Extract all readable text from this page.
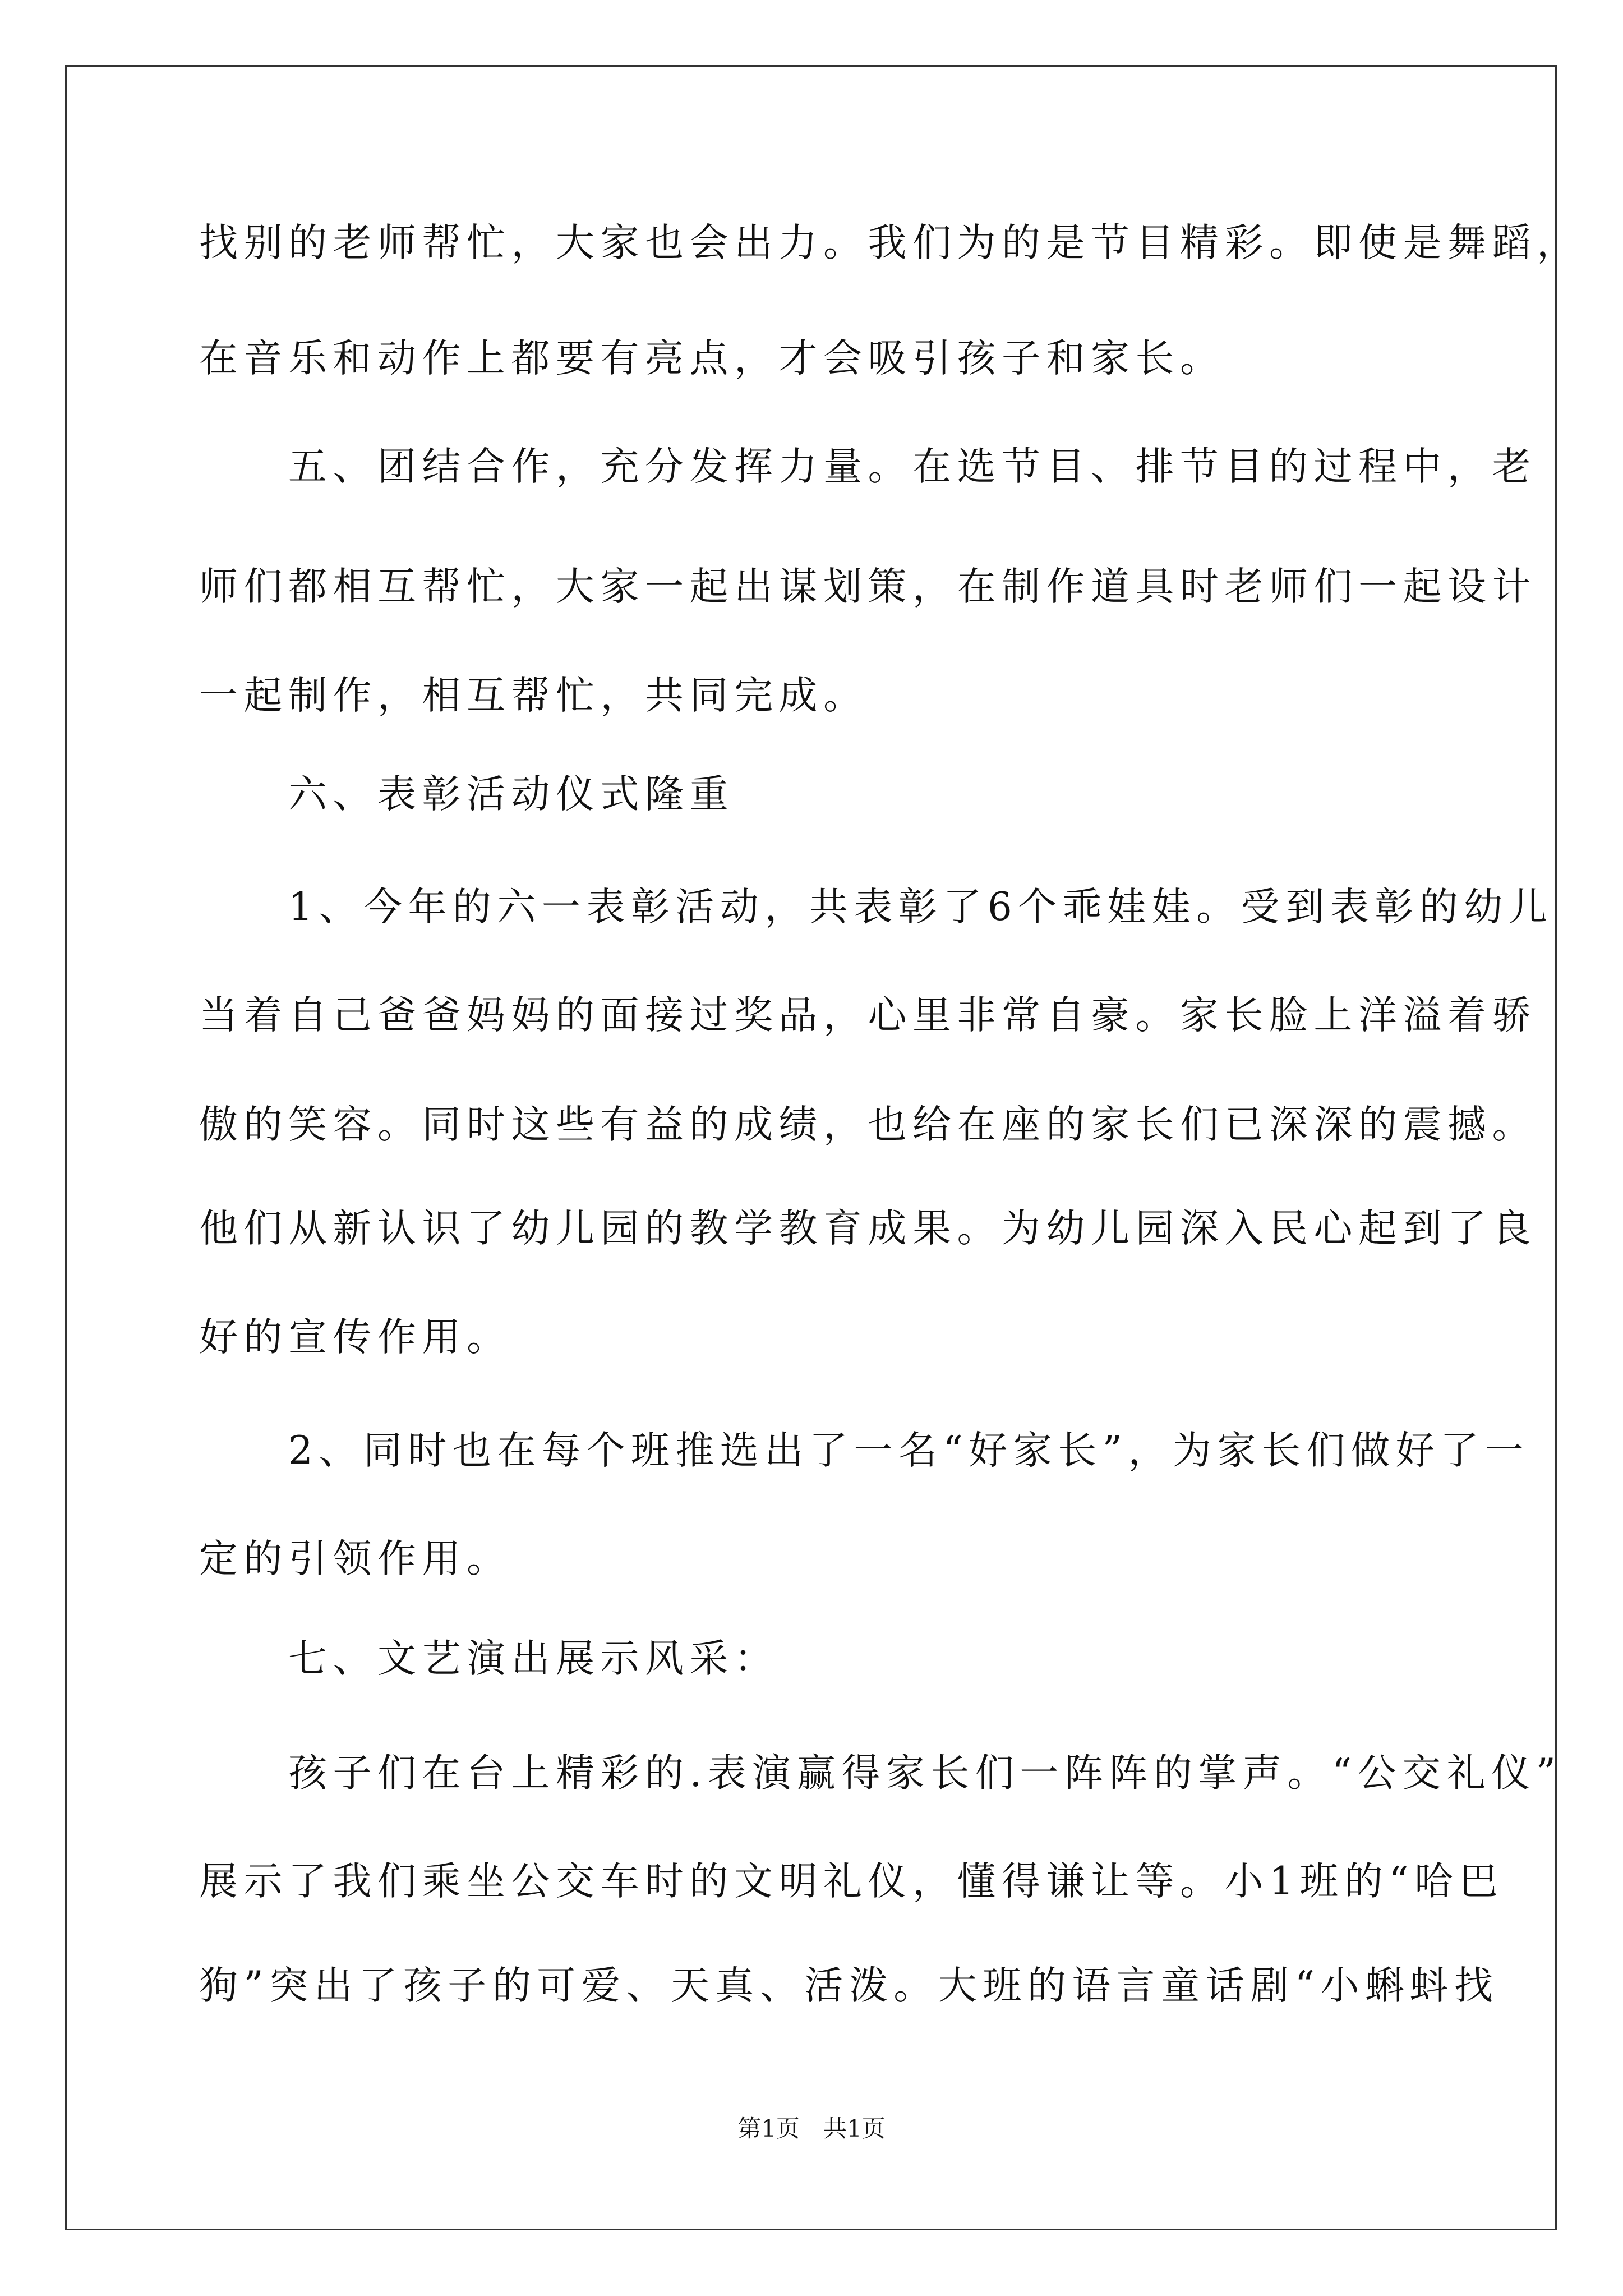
找别的老师帮忙，大家也会出力。我们为的是节目精彩。即使是舞蹈，

在音乐和动作上都要有亮点，才会吸引孩子和家长。

　　五、团结合作，充分发挥力量。在选节目、排节目的过程中，老

师们都相互帮忙，大家一起出谋划策，在制作道具时老师们一起设计

一起制作，相互帮忙，共同完成。

　　六、表彰活动仪式隆重

　　1、今年的六一表彰活动，共表彰了6个乖娃娃。受到表彰的幼儿

当着自己爸爸妈妈的面接过奖品，心里非常自豪。家长脸上洋溢着骄

傲的笑容。同时这些有益的成绩，也给在座的家长们已深深的震撼。

他们从新认识了幼儿园的教学教育成果。为幼儿园深入民心起到了良

好的宣传作用。

　　2、同时也在每个班推选出了一名“好家长”，为家长们做好了一

定的引领作用。

　　七、文艺演出展示风采：

　　孩子们在台上精彩的.表演赢得家长们一阵阵的掌声。“公交礼仪”

展示了我们乘坐公交车时的文明礼仪，懂得谦让等。小1班的“哈巴

狗”突出了孩子的可爱、天真、活泼。大班的语言童话剧“小蝌蚪找

第1页　共1页
